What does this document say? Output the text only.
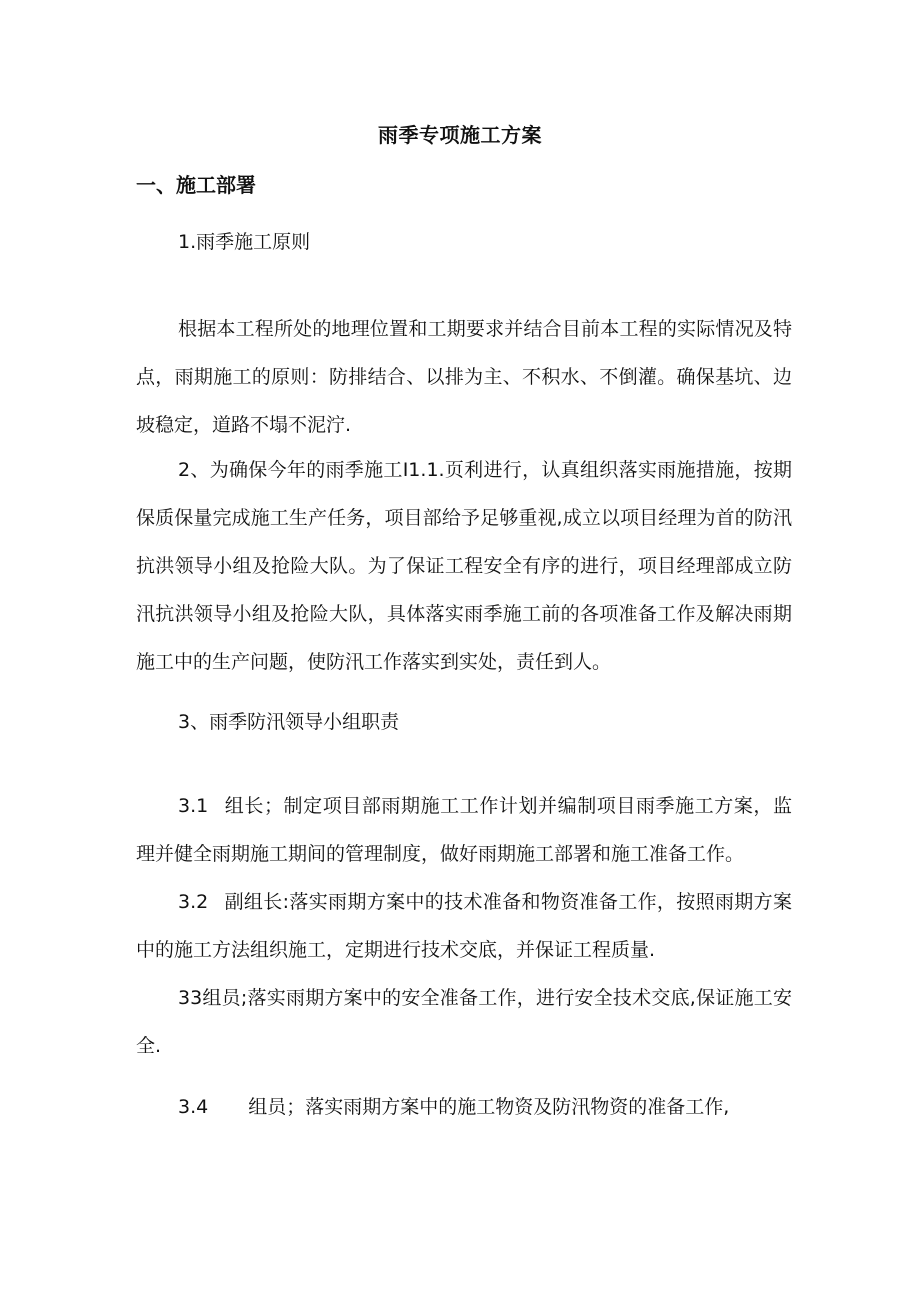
雨季专项施工方案
一、施工部署
1.雨季施工原则
根据本工程所处的地理位置和工期要求并结合目前本工程的实际情况及特点，雨期施工的原则：防排结合、以排为主、不积水、不倒灌。确保基坑、边坡稳定，道路不塌不泥泞.
2、为确保今年的雨季施工I1.1.页利进行，认真组织落实雨施措施，按期保质保量完成施工生产任务，项目部给予足够重视,成立以项目经理为首的防汛抗洪领导小组及抢险大队。为了保证工程安全有序的进行，项目经理部成立防汛抗洪领导小组及抢险大队，具体落实雨季施工前的各项准备工作及解决雨期施工中的生产问题，使防汛工作落实到实处，责任到人。
3、雨季防汛领导小组职责
3.1 组长；制定项目部雨期施工工作计划并编制项目雨季施工方案，监理并健全雨期施工期间的管理制度，做好雨期施工部署和施工准备工作。
3.2 副组长:落实雨期方案中的技术准备和物资准备工作，按照雨期方案中的施工方法组织施工，定期进行技术交底，并保证工程质量.
33组员;落实雨期方案中的安全准备工作，进行安全技术交底,保证施工安全.
3.4 组员；落实雨期方案中的施工物资及防汛物资的准备工作,
